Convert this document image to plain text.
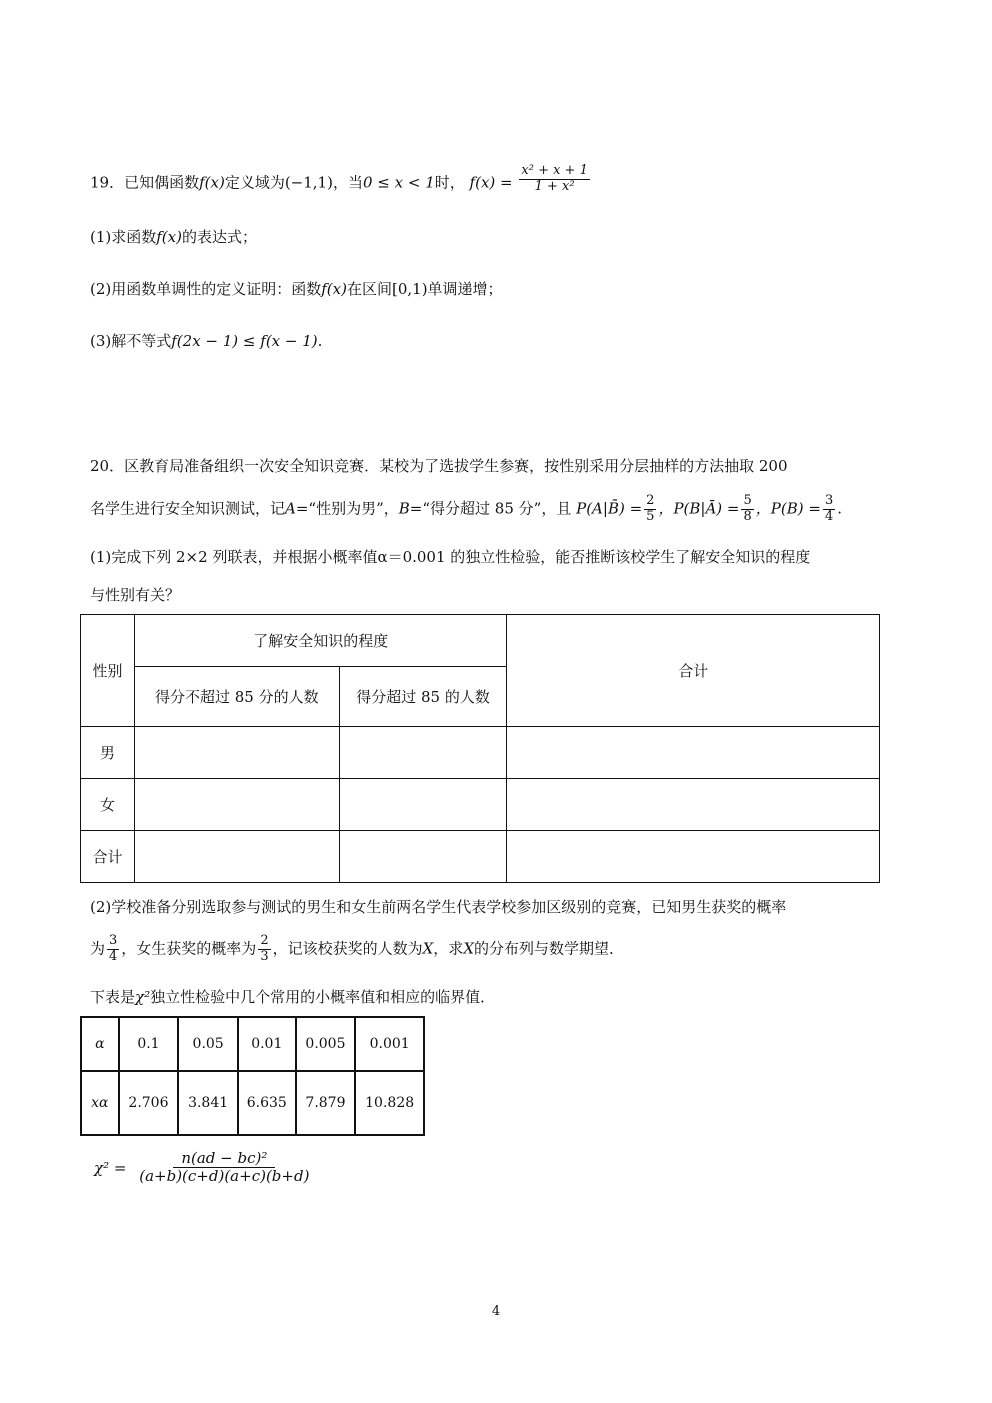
19．已知偶函数f(x)定义域为(−1,1)，当0 ≤ x < 1时， $f(x) = \frac{\text{x² + x + 1}}{\text{1 + x²}}$
(1)求函数f(x)的表达式；
(2)用函数单调性的定义证明：函数f(x)在区间[0,1)单调递增；
(3)解不等式f(2x − 1) ≤ f(x − 1).
20．区教育局准备组织一次安全知识竞赛．某校为了选拔学生参赛，按性别采用分层抽样的方法抽取 200
名学生进行安全知识测试，记A=“性别为男”，B=“得分超过 85 分”，且 P(A|B̄) = $\frac{2}{5}$ ，P(B|Ā) = $\frac{5}{8}$ ，$P(B) = \frac{3}{4}$ .
(1)完成下列 2×2 列联表，并根据小概率值α＝0.001 的独立性检验，能否推断该校学生了解安全知识的程度
与性别有关？
性别	了解安全知识的程度		合计
	得分不超过 85 分的人数	得分超过 85 的人数	
男			
女			
合计			
(2)学校准备分别选取参与测试的男生和女生前两名学生代表学校参加区级别的竞赛，已知男生获奖的概率
为 $\frac{3}{4}$ ，女生获奖的概率为 $\frac{2}{3}$ ，记该校获奖的人数为X，求X的分布列与数学期望．
下表是χ²独立性检验中几个常用的小概率值和相应的临界值．
α	0.1	0.05	0.01	0.005	0.001
xα	2.706	3.841	6.635	7.879	10.828
$\chi^2 = \frac{\text{n(ad − bc)²}}{(a+b)(c+d)(a+c)(b+d)}$
4
